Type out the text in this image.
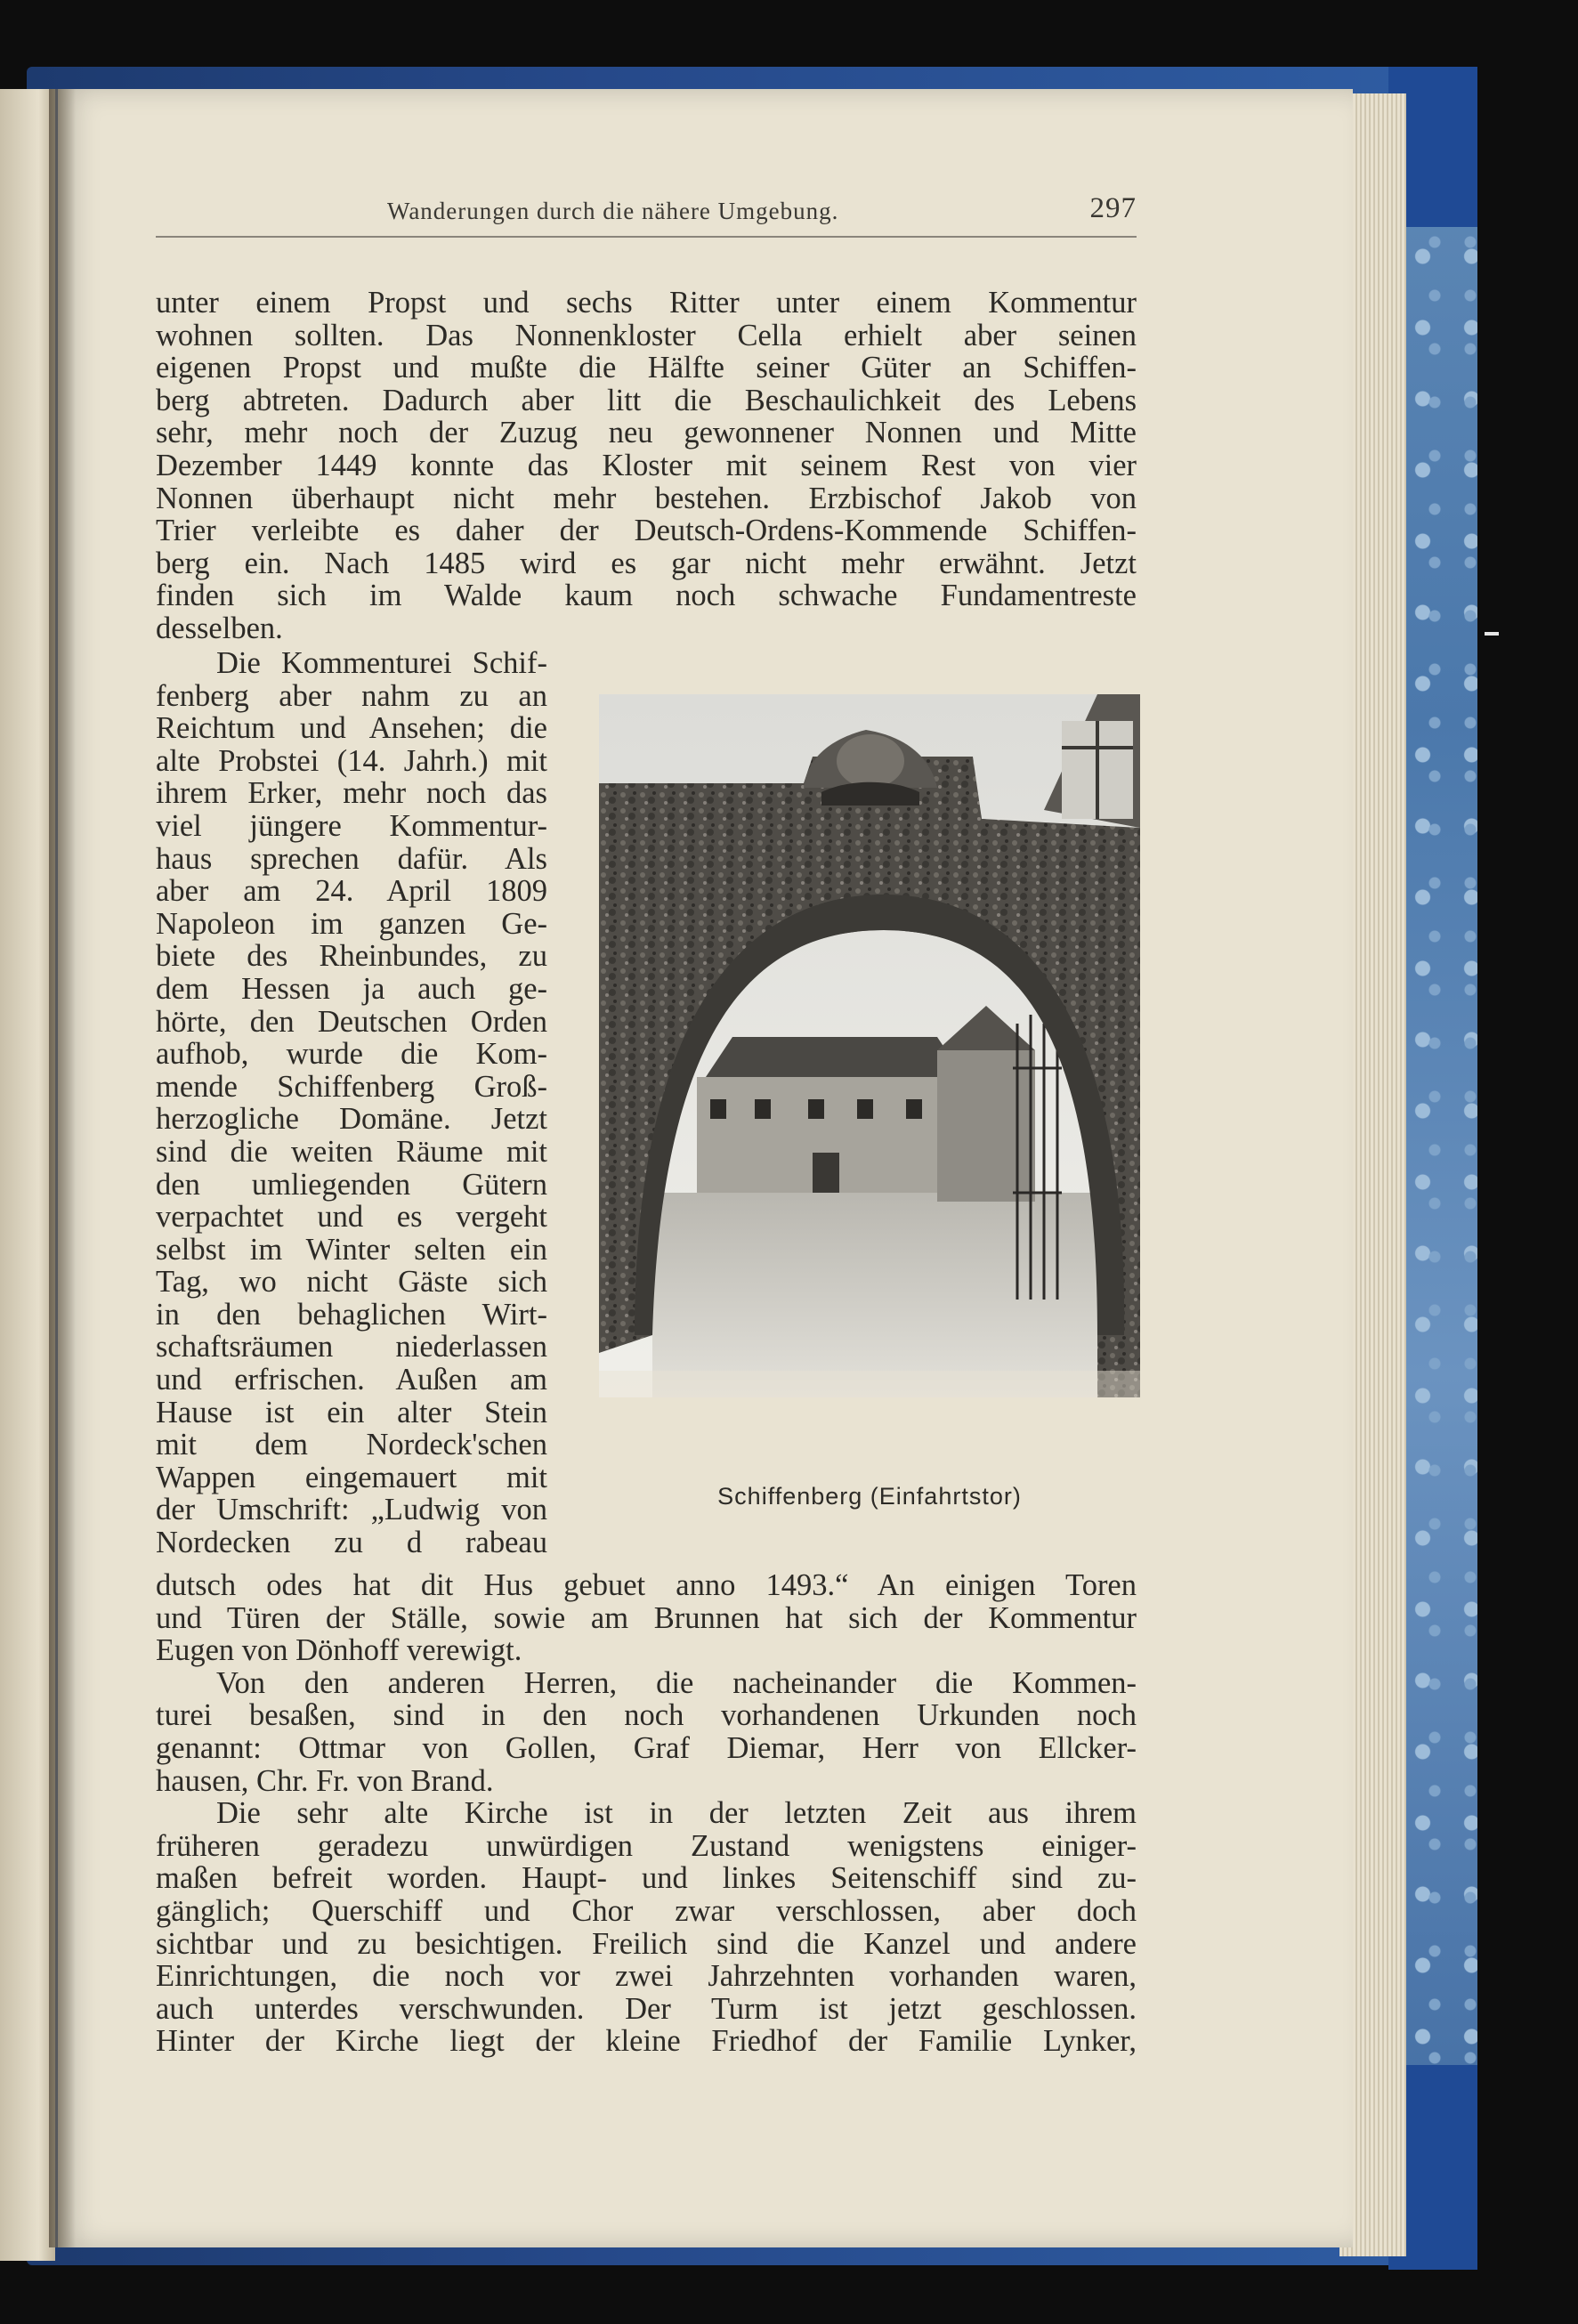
Wanderungen durch die nähere Umgebung.	297
unter einem Propst und sechs Ritter unter einem Kommentur
wohnen sollten. Das Nonnenkloster Cella erhielt aber seinen
eigenen Propst und mußte die Hälfte seiner Güter an Schiffen-
berg abtreten. Dadurch aber litt die Beschaulichkeit des Lebens
sehr, mehr noch der Zuzug neu gewonnener Nonnen und Mitte
Dezember 1449 konnte das Kloster mit seinem Rest von vier
Nonnen überhaupt nicht mehr bestehen. Erzbischof Jakob von
Trier verleibte es daher der Deutsch-Ordens-Kommende Schiffen-
berg ein. Nach 1485 wird es gar nicht mehr erwähnt. Jetzt
finden sich im Walde kaum noch schwache Fundamentreste
desselben.
Die Kommenturei Schif-
fenberg aber nahm zu an
Reichtum und Ansehen; die
alte Probstei (14. Jahrh.) mit
ihrem Erker, mehr noch das
viel jüngere Kommentur-
haus sprechen dafür. Als
aber am 24. April 1809
Napoleon im ganzen Ge-
biete des Rheinbundes, zu
dem Hessen ja auch ge-
hörte, den Deutschen Orden
aufhob, wurde die Kom-
mende Schiffenberg Groß-
herzogliche Domäne. Jetzt
sind die weiten Räume mit
den umliegenden Gütern
verpachtet und es vergeht
selbst im Winter selten ein
Tag, wo nicht Gäste sich
in den behaglichen Wirt-
schaftsräumen niederlassen
und erfrischen. Außen am
Hause ist ein alter Stein
mit dem Nordeck'schen
Wappen eingemauert mit
der Umschrift: „Ludwig von
Nordecken zu d rabeau
Schiffenberg (Einfahrtstor)
dutsch odes hat dit Hus gebuet anno 1493.“ An einigen Toren
und Türen der Ställe, sowie am Brunnen hat sich der Kommentur
Eugen von Dönhoff verewigt.
Von den anderen Herren, die nacheinander die Kommen-
turei besaßen, sind in den noch vorhandenen Urkunden noch
genannt: Ottmar von Gollen, Graf Diemar, Herr von Ellcker-
hausen, Chr. Fr. von Brand.
Die sehr alte Kirche ist in der letzten Zeit aus ihrem
früheren geradezu unwürdigen Zustand wenigstens einiger-
maßen befreit worden. Haupt- und linkes Seitenschiff sind zu-
gänglich; Querschiff und Chor zwar verschlossen, aber doch
sichtbar und zu besichtigen. Freilich sind die Kanzel und andere
Einrichtungen, die noch vor zwei Jahrzehnten vorhanden waren,
auch unterdes verschwunden. Der Turm ist jetzt geschlossen.
Hinter der Kirche liegt der kleine Friedhof der Familie Lynker,
